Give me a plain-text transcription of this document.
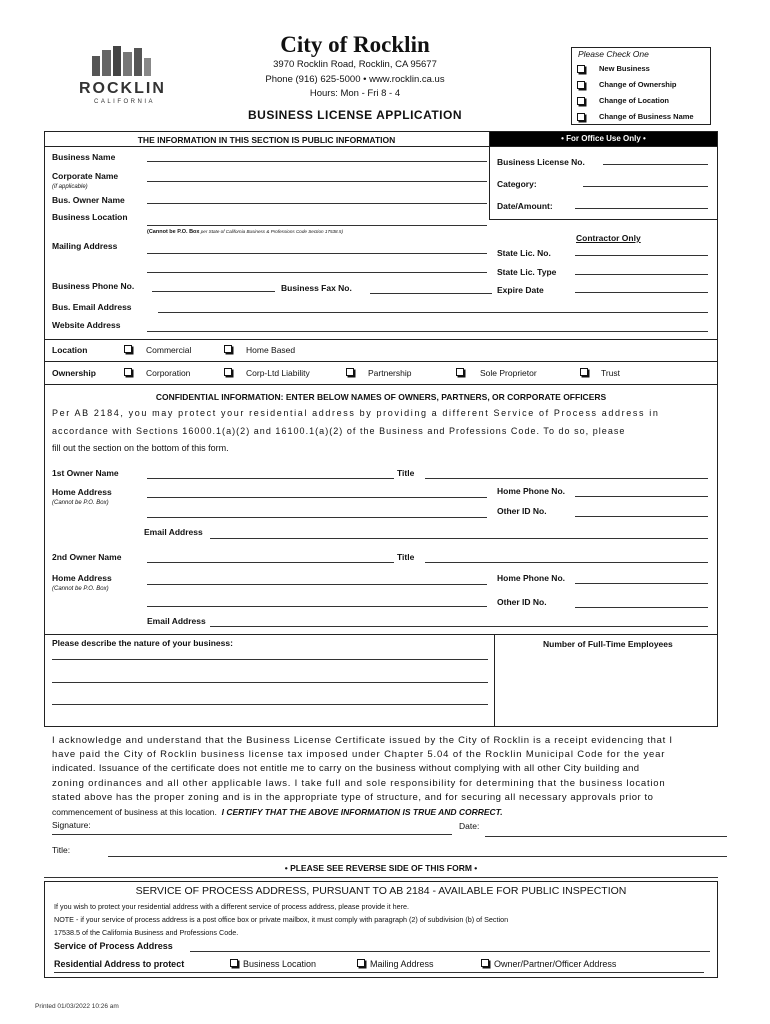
ROCKLIN
CALIFORNIA
City of Rocklin
3970 Rocklin Road, Rocklin, CA 95677
Phone (916) 625-5000 • www.rocklin.ca.us
Hours: Mon - Fri 8 - 4
BUSINESS LICENSE APPLICATION
Please Check One
New Business
Change of Ownership
Change of Location
Change of Business Name
THE INFORMATION IN THIS SECTION IS PUBLIC INFORMATION	• For Office Use Only •
Business Name
Corporate Name
(if applicable)
Bus. Owner Name
Business Location
(Cannot be P.O. Box per State of California Business & Professions Code Section 17538.5)
Mailing Address
Business Phone No.	Business Fax No.
Bus. Email Address
Website Address
Business License No.
Category:
Date/Amount:
Contractor Only
State Lic. No.
State Lic. Type
Expire Date
Location	Commercial	Home Based
Ownership	Corporation	Corp-Ltd Liability	Partnership	Sole Proprietor	Trust
CONFIDENTIAL INFORMATION: ENTER BELOW NAMES OF OWNERS, PARTNERS, OR CORPORATE OFFICERS
Per AB 2184, you may protect your residential address by providing a different Service of Process address in
accordance with Sections 16000.1(a)(2) and 16100.1(a)(2) of the Business and Professions Code. To do so, please
fill out the section on the bottom of this form.
1st Owner Name	Title
Home Address
(Cannot be P.O. Box)
Home Phone No.
Other ID No.
Email Address
2nd Owner Name	Title
Home Address
(Cannot be P.O. Box)
Home Phone No.
Other ID No.
Email Address
Please describe the nature of your business:	Number of Full-Time Employees
I acknowledge and understand that the Business License Certificate issued by the City of Rocklin is a receipt evidencing that I
have paid the City of Rocklin business license tax imposed under Chapter 5.04 of the Rocklin Municipal Code for the year
indicated. Issuance of the certificate does not entitle me to carry on the business without complying with all other City building and
zoning ordinances and all other applicable laws. I take full and sole responsibility for determining that the business location
stated above has the proper zoning and is in the appropriate type of structure, and for securing all necessary approvals prior to
commencement of business at this location. I CERTIFY THAT THE ABOVE INFORMATION IS TRUE AND CORRECT.
Signature:	Date:
Title:
• PLEASE SEE REVERSE SIDE OF THIS FORM •
SERVICE OF PROCESS ADDRESS, PURSUANT TO AB 2184 - AVAILABLE FOR PUBLIC INSPECTION
If you wish to protect your residential address with a different service of process address, please provide it here.
NOTE - if your service of process address is a post office box or private mailbox, it must comply with paragraph (2) of subdivision (b) of Section
17538.5 of the California Business and Professions Code.
Service of Process Address
Residential Address to protect	Business Location	Mailing Address	Owner/Partner/Officer Address
Printed 01/03/2022 10:26 am
